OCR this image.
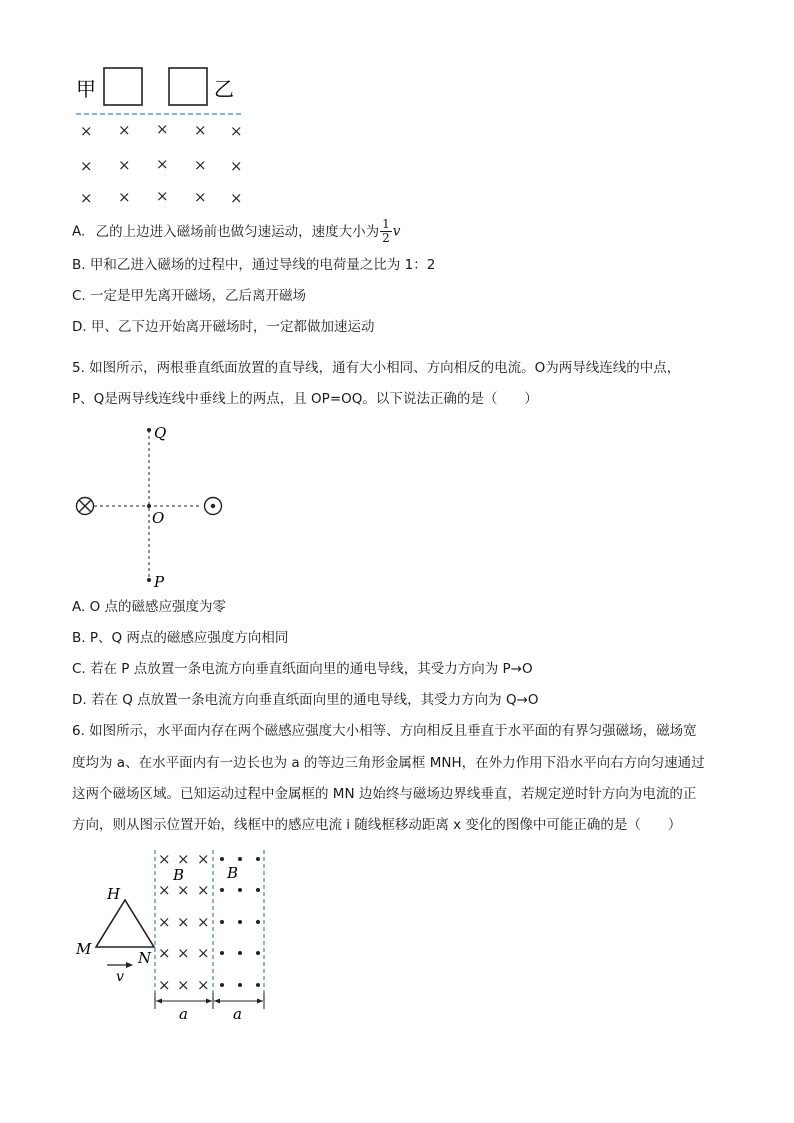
甲	乙
× × × × ×
× × × × ×
× × × × ×
A. 乙的上边进入磁场前也做匀速运动，速度大小为 $\frac{1}{2}$ v
B. 甲和乙进入磁场的过程中，通过导线的电荷量之比为 1：2
C. 一定是甲先离开磁场，乙后离开磁场
D. 甲、乙下边开始离开磁场时，一定都做加速运动
5. 如图所示，两根垂直纸面放置的直导线，通有大小相同、方向相反的电流。O为两导线连线的中点，
P、Q是两导线连线中垂线上的两点，且 OP=OQ。以下说法正确的是（　　）
Q
O
P
A. O 点的磁感应强度为零
B. P、Q 两点的磁感应强度方向相同
C. 若在 P 点放置一条电流方向垂直纸面向里的通电导线，其受力方向为 P→O
D. 若在 Q 点放置一条电流方向垂直纸面向里的通电导线，其受力方向为 Q→O
6. 如图所示，水平面内存在两个磁感应强度大小相等、方向相反且垂直于水平面的有界匀强磁场，磁场宽
度均为 a、在水平面内有一边长也为 a 的等边三角形金属框 MNH，在外力作用下沿水平向右方向匀速通过
这两个磁场区域。已知运动过程中金属框的 MN 边始终与磁场边界线垂直，若规定逆时针方向为电流的正
方向，则从图示位置开始，线框中的感应电流 i 随线框移动距离 x 变化的图像中可能正确的是（　　）
× × ×
× × ×
× × ×
× × ×
× × ×
B	B
H
M	N
v
a	a
